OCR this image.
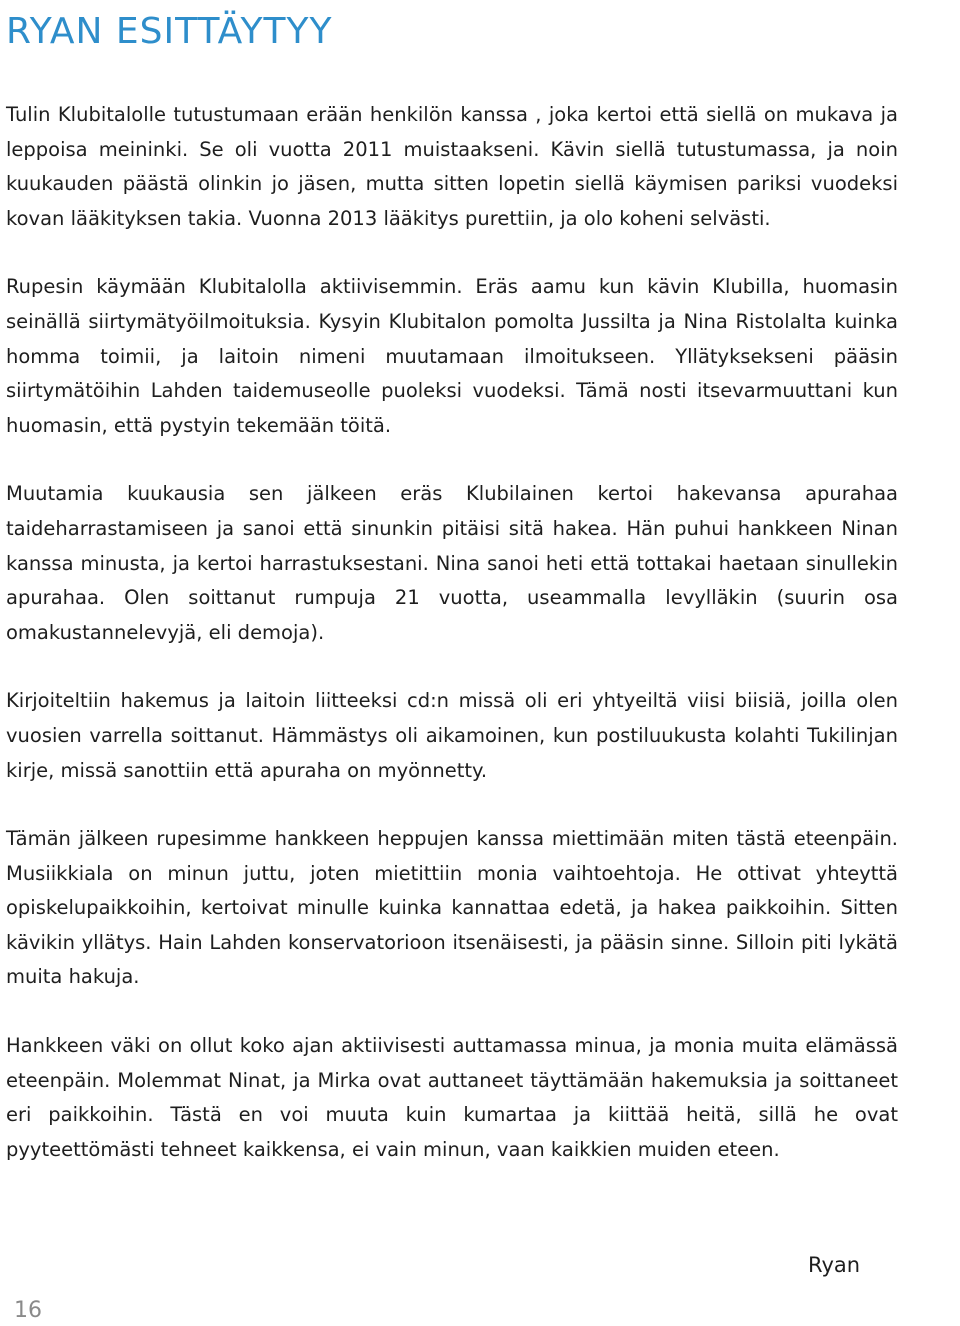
RYAN ESITTÄYTYY

Tulin Klubitalolle tutustumaan erään henkilön kanssa , joka kertoi että siellä on mukava ja leppoisa meininki. Se oli vuotta 2011 muistaakseni. Kävin siellä tutustumassa, ja noin kuukauden päästä olinkin jo jäsen, mutta sitten lopetin siellä käymisen pariksi vuodeksi kovan lääkityksen takia. Vuonna 2013 lääkitys purettiin, ja olo koheni selvästi.

Rupesin käymään Klubitalolla aktiivisemmin. Eräs aamu kun kävin Klubilla, huomasin seinällä siirtymätyöilmoituksia. Kysyin Klubitalon pomolta Jussilta ja Nina Ristolalta kuinka homma toimii, ja laitoin nimeni muutamaan ilmoitukseen. Yllätyksekseni pääsin siirtymätöihin Lahden taidemuseolle puoleksi vuodeksi. Tämä nosti itsevarmuuttani kun huomasin, että pystyin tekemään töitä.

Muutamia kuukausia sen jälkeen eräs Klubilainen kertoi hakevansa apurahaa taideharrastamiseen ja sanoi että sinunkin pitäisi sitä hakea. Hän puhui hankkeen Ninan kanssa minusta, ja kertoi harrastuksestani. Nina sanoi heti että tottakai haetaan sinullekin apurahaa. Olen soittanut rumpuja 21 vuotta, useammalla levylläkin (suurin osa omakustannelevyjä, eli demoja).

Kirjoiteltiin hakemus ja laitoin liitteeksi cd:n missä oli eri yhtyeiltä viisi biisiä, joilla olen vuosien varrella soittanut. Hämmästys oli aikamoinen, kun postiluukusta kolahti Tukilinjan kirje, missä sanottiin että apuraha on myönnetty.

Tämän jälkeen rupesimme hankkeen heppujen kanssa miettimään miten tästä eteenpäin. Musiikkiala on minun juttu, joten mietittiin monia vaihtoehtoja. He ottivat yhteyttä opiskelupaikkoihin, kertoivat minulle kuinka kannattaa edetä, ja hakea paikkoihin. Sitten kävikin yllätys. Hain Lahden konservatorioon itsenäisesti, ja pääsin sinne. Silloin piti lykätä muita hakuja.

Hankkeen väki on ollut koko ajan aktiivisesti auttamassa minua, ja monia muita elämässä eteenpäin. Molemmat Ninat, ja Mirka ovat auttaneet täyttämään hakemuksia ja soittaneet eri paikkoihin. Tästä en voi muuta kuin kumartaa ja kiittää heitä, sillä he ovat pyyteettömästi tehneet kaikkensa, ei vain minun, vaan kaikkien muiden eteen.

Ryan
16
